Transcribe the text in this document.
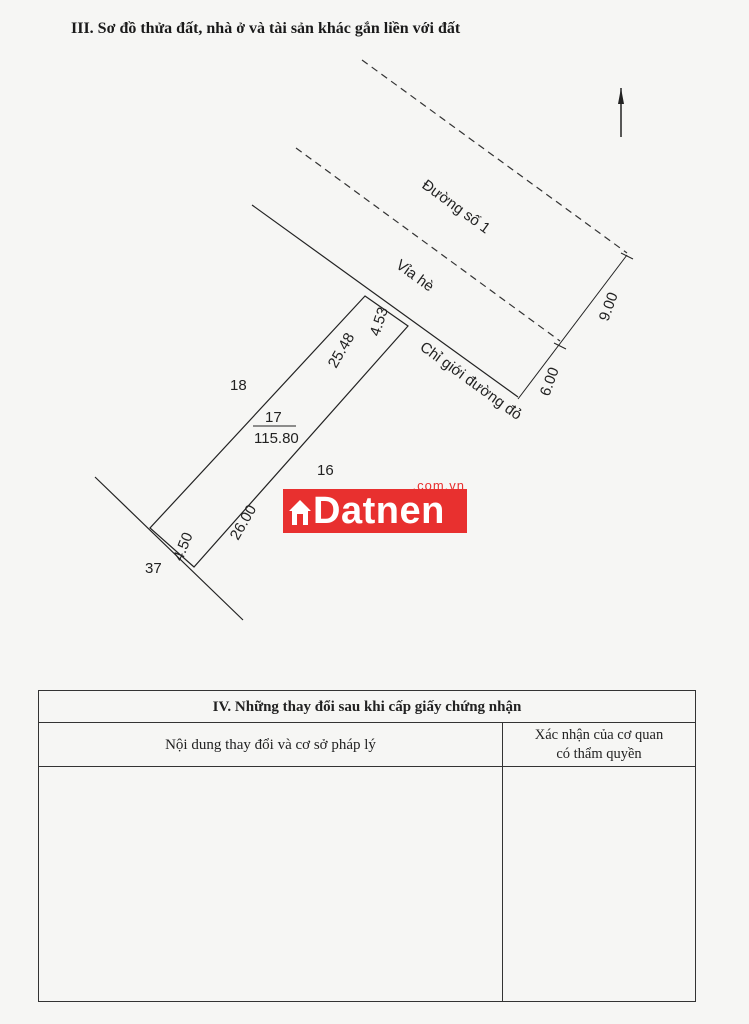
III. Sơ đồ thửa đất, nhà ở và tài sản khác gắn liền với đất
Đường số 1
Vỉa hè
Chỉ giới đường đỏ
9.00
6.00
4.53
25.48
26.00
4.50
17
115.80
18
16
37
Datnen
.com.vn
IV. Những thay đổi sau khi cấp giấy chứng nhận
Nội dung thay đổi và cơ sở pháp lý
Xác nhận của cơ quan
có thẩm quyền
